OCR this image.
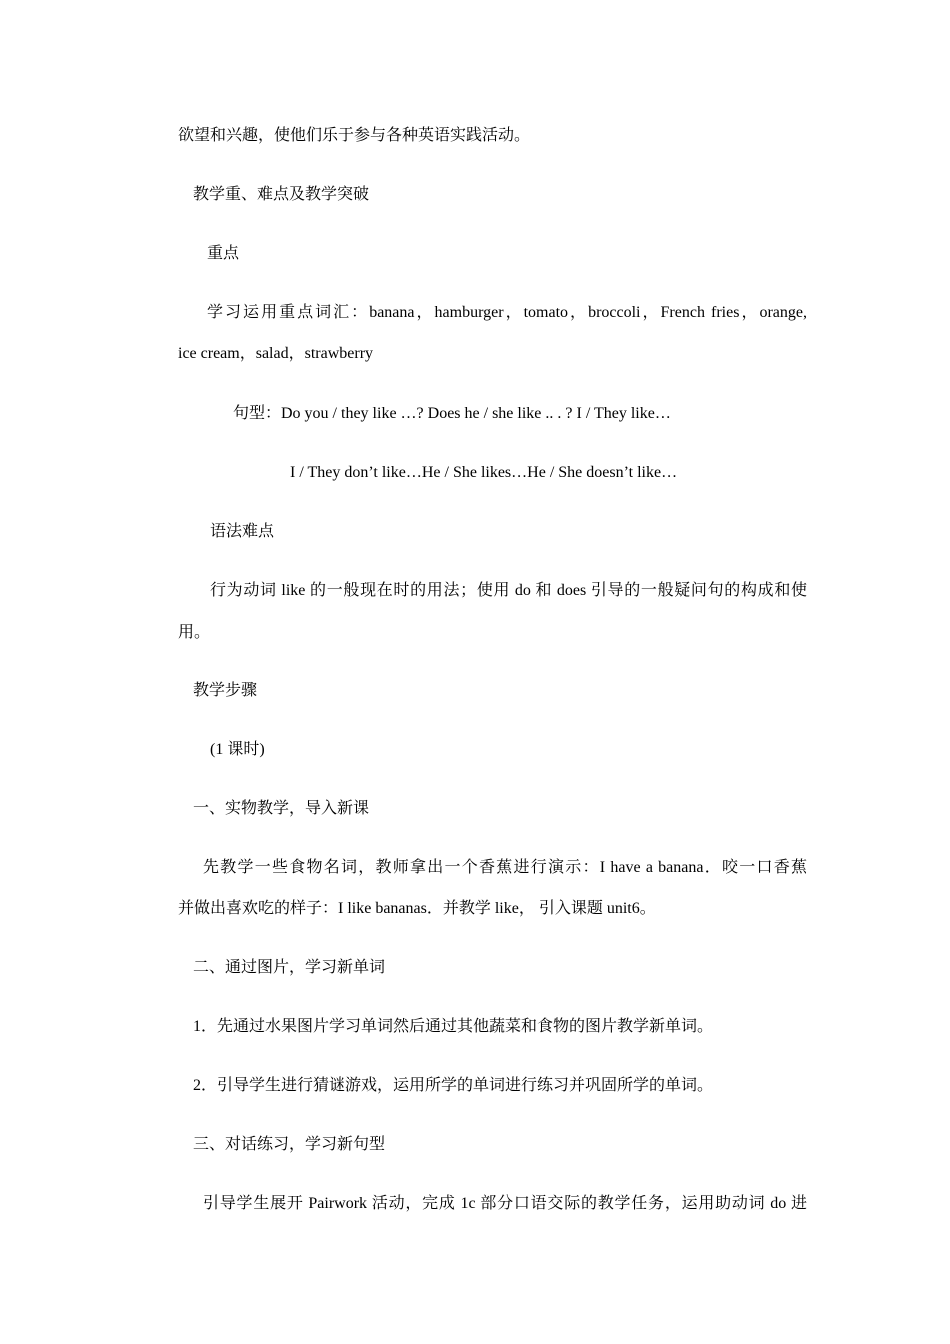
欲望和兴趣，使他们乐于参与各种英语实践活动。
教学重、难点及教学突破
重点
学习运用重点词汇：banana，hamburger，tomato，broccoli，French fries，orange,
ice cream，salad，strawberry
句型：Do you / they like …? Does he / she like .. . ? I / They like…
I / They don’t like…He / She likes…He / She doesn’t like…
语法难点
行为动词 like 的一般现在时的用法；使用 do 和 does 引导的一般疑问句的构成和使
用。
教学步骤
(1 课时)
一、实物教学，导入新课
先教学一些食物名词，教师拿出一个香蕉进行演示：I have a banana．咬一口香蕉
并做出喜欢吃的样子：I like bananas．并教学 like， 引入课题 unit6。
二、通过图片，学习新单词
1．先通过水果图片学习单词然后通过其他蔬菜和食物的图片教学新单词。
2．引导学生进行猜谜游戏，运用所学的单词进行练习并巩固所学的单词。
三、对话练习，学习新句型
引导学生展开 Pairwork 活动，完成 1c 部分口语交际的教学任务，运用助动词 do 进
